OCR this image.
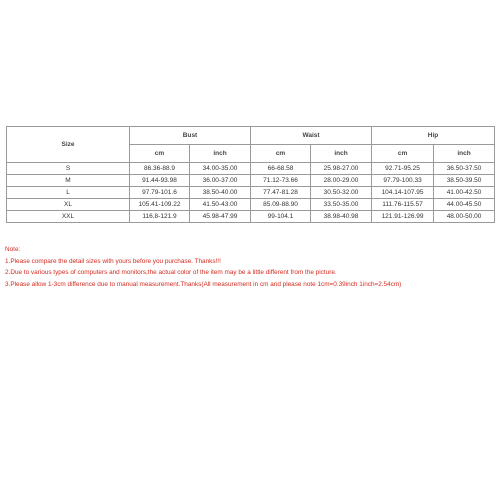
Size	Bust		Waist		Hip	
	cm	inch	cm	inch	cm	inch
S	86.36-88.9	34.00-35.00	66-68.58	25.98-27.00	92.71-95.25	36.50-37.50
M	91.44-93.98	36.00-37.00	71.12-73.66	28.00-29.00	97.79-100.33	38.50-39.50
L	97.79-101.6	38.50-40.00	77.47-81.28	30.50-32.00	104.14-107.95	41.00-42.50
XL	105.41-109.22	41.50-43.00	85.09-88.90	33.50-35.00	111.76-115.57	44.00-45.50
XXL	116.8-121.9	45.98-47.99	99-104.1	38.98-40.98	121.91-126.99	48.00-50.00
Note:
1.Please compare the detail sizes with yours before you purchase. Thanks!!!
2.Due to various types of computers and monitors,the actual color of the item may be a little different from the picture.
3.Please allow 1-3cm difference due to manual measurement.Thanks(All measurement in cm and please note 1cm=0.39inch 1inch=2.54cm)
